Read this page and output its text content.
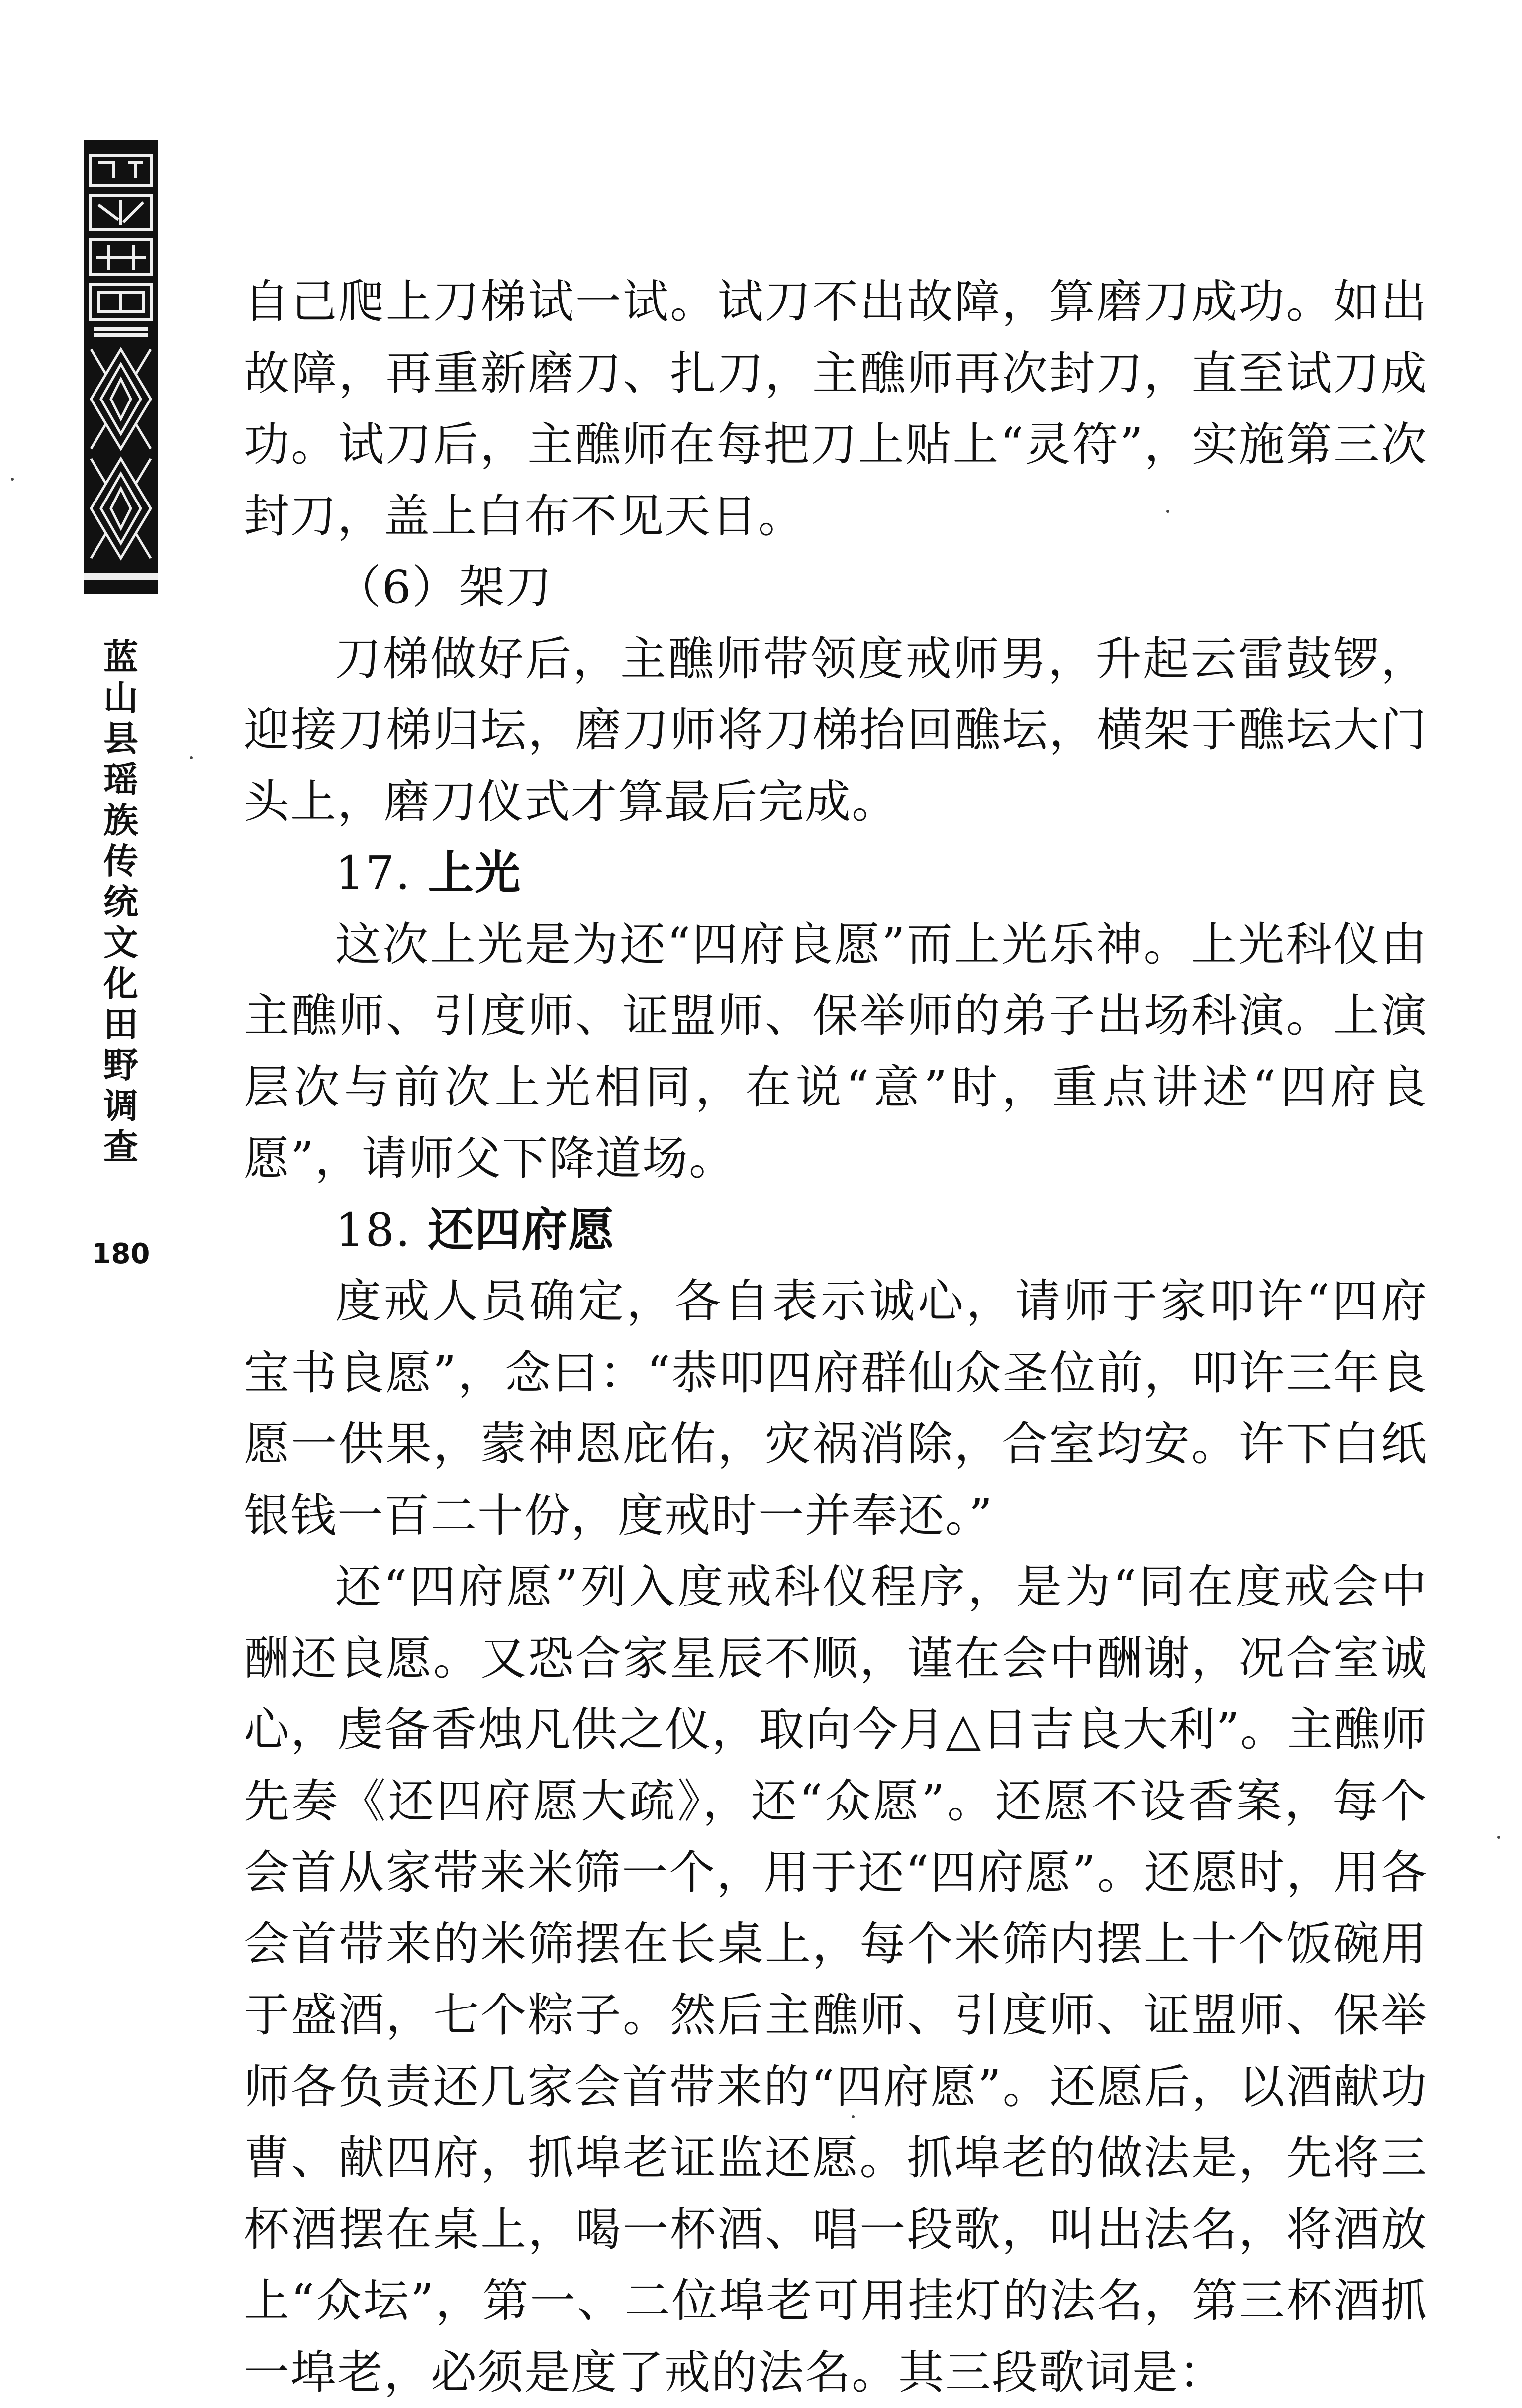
蓝
山
县
瑶
族
传
统
文
化
田
野
调
查
180

自己爬上刀梯试一试。试刀不出故障，算磨刀成功。如出故障，再重新磨刀、扎刀，主醮师再次封刀，直至试刀成功。试刀后，主醮师在每把刀上贴上“灵符”，实施第三次封刀，盖上白布不见天日。

（6）架刀

刀梯做好后，主醮师带领度戒师男，升起云雷鼓锣，迎接刀梯归坛，磨刀师将刀梯抬回醮坛，横架于醮坛大门头上，磨刀仪式才算最后完成。

17. 上光

这次上光是为还“四府良愿”而上光乐神。上光科仪由主醮师、引度师、证盟师、保举师的弟子出场科演。上演层次与前次上光相同，在说“意”时，重点讲述“四府良愿”，请师父下降道场。

18. 还四府愿

度戒人员确定，各自表示诚心，请师于家叩许“四府宝书良愿”，念曰：“恭叩四府群仙众圣位前，叩许三年良愿一供果，蒙神恩庇佑，灾祸消除，合室均安。许下白纸银钱一百二十份，度戒时一并奉还。”

还“四府愿”列入度戒科仪程序，是为“同在度戒会中酬还良愿。又恐合家星辰不顺，谨在会中酬谢，况合室诚心，虔备香烛凡供之仪，取向今月△日吉良大利”。主醮师先奏《还四府愿大疏》，还“众愿”。还愿不设香案，每个会首从家带来米筛一个，用于还“四府愿”。还愿时，用各会首带来的米筛摆在长桌上，每个米筛内摆上十个饭碗用于盛酒，七个粽子。然后主醮师、引度师、证盟师、保举师各负责还几家会首带来的“四府愿”。还愿后，以酒献功曹、献四府，抓埠老证监还愿。抓埠老的做法是，先将三杯酒摆在桌上，喝一杯酒、唱一段歌，叫出法名，将酒放上“众坛”，第一、二位埠老可用挂灯的法名，第三杯酒抓一埠老，必须是度了戒的法名。其三段歌词是：
